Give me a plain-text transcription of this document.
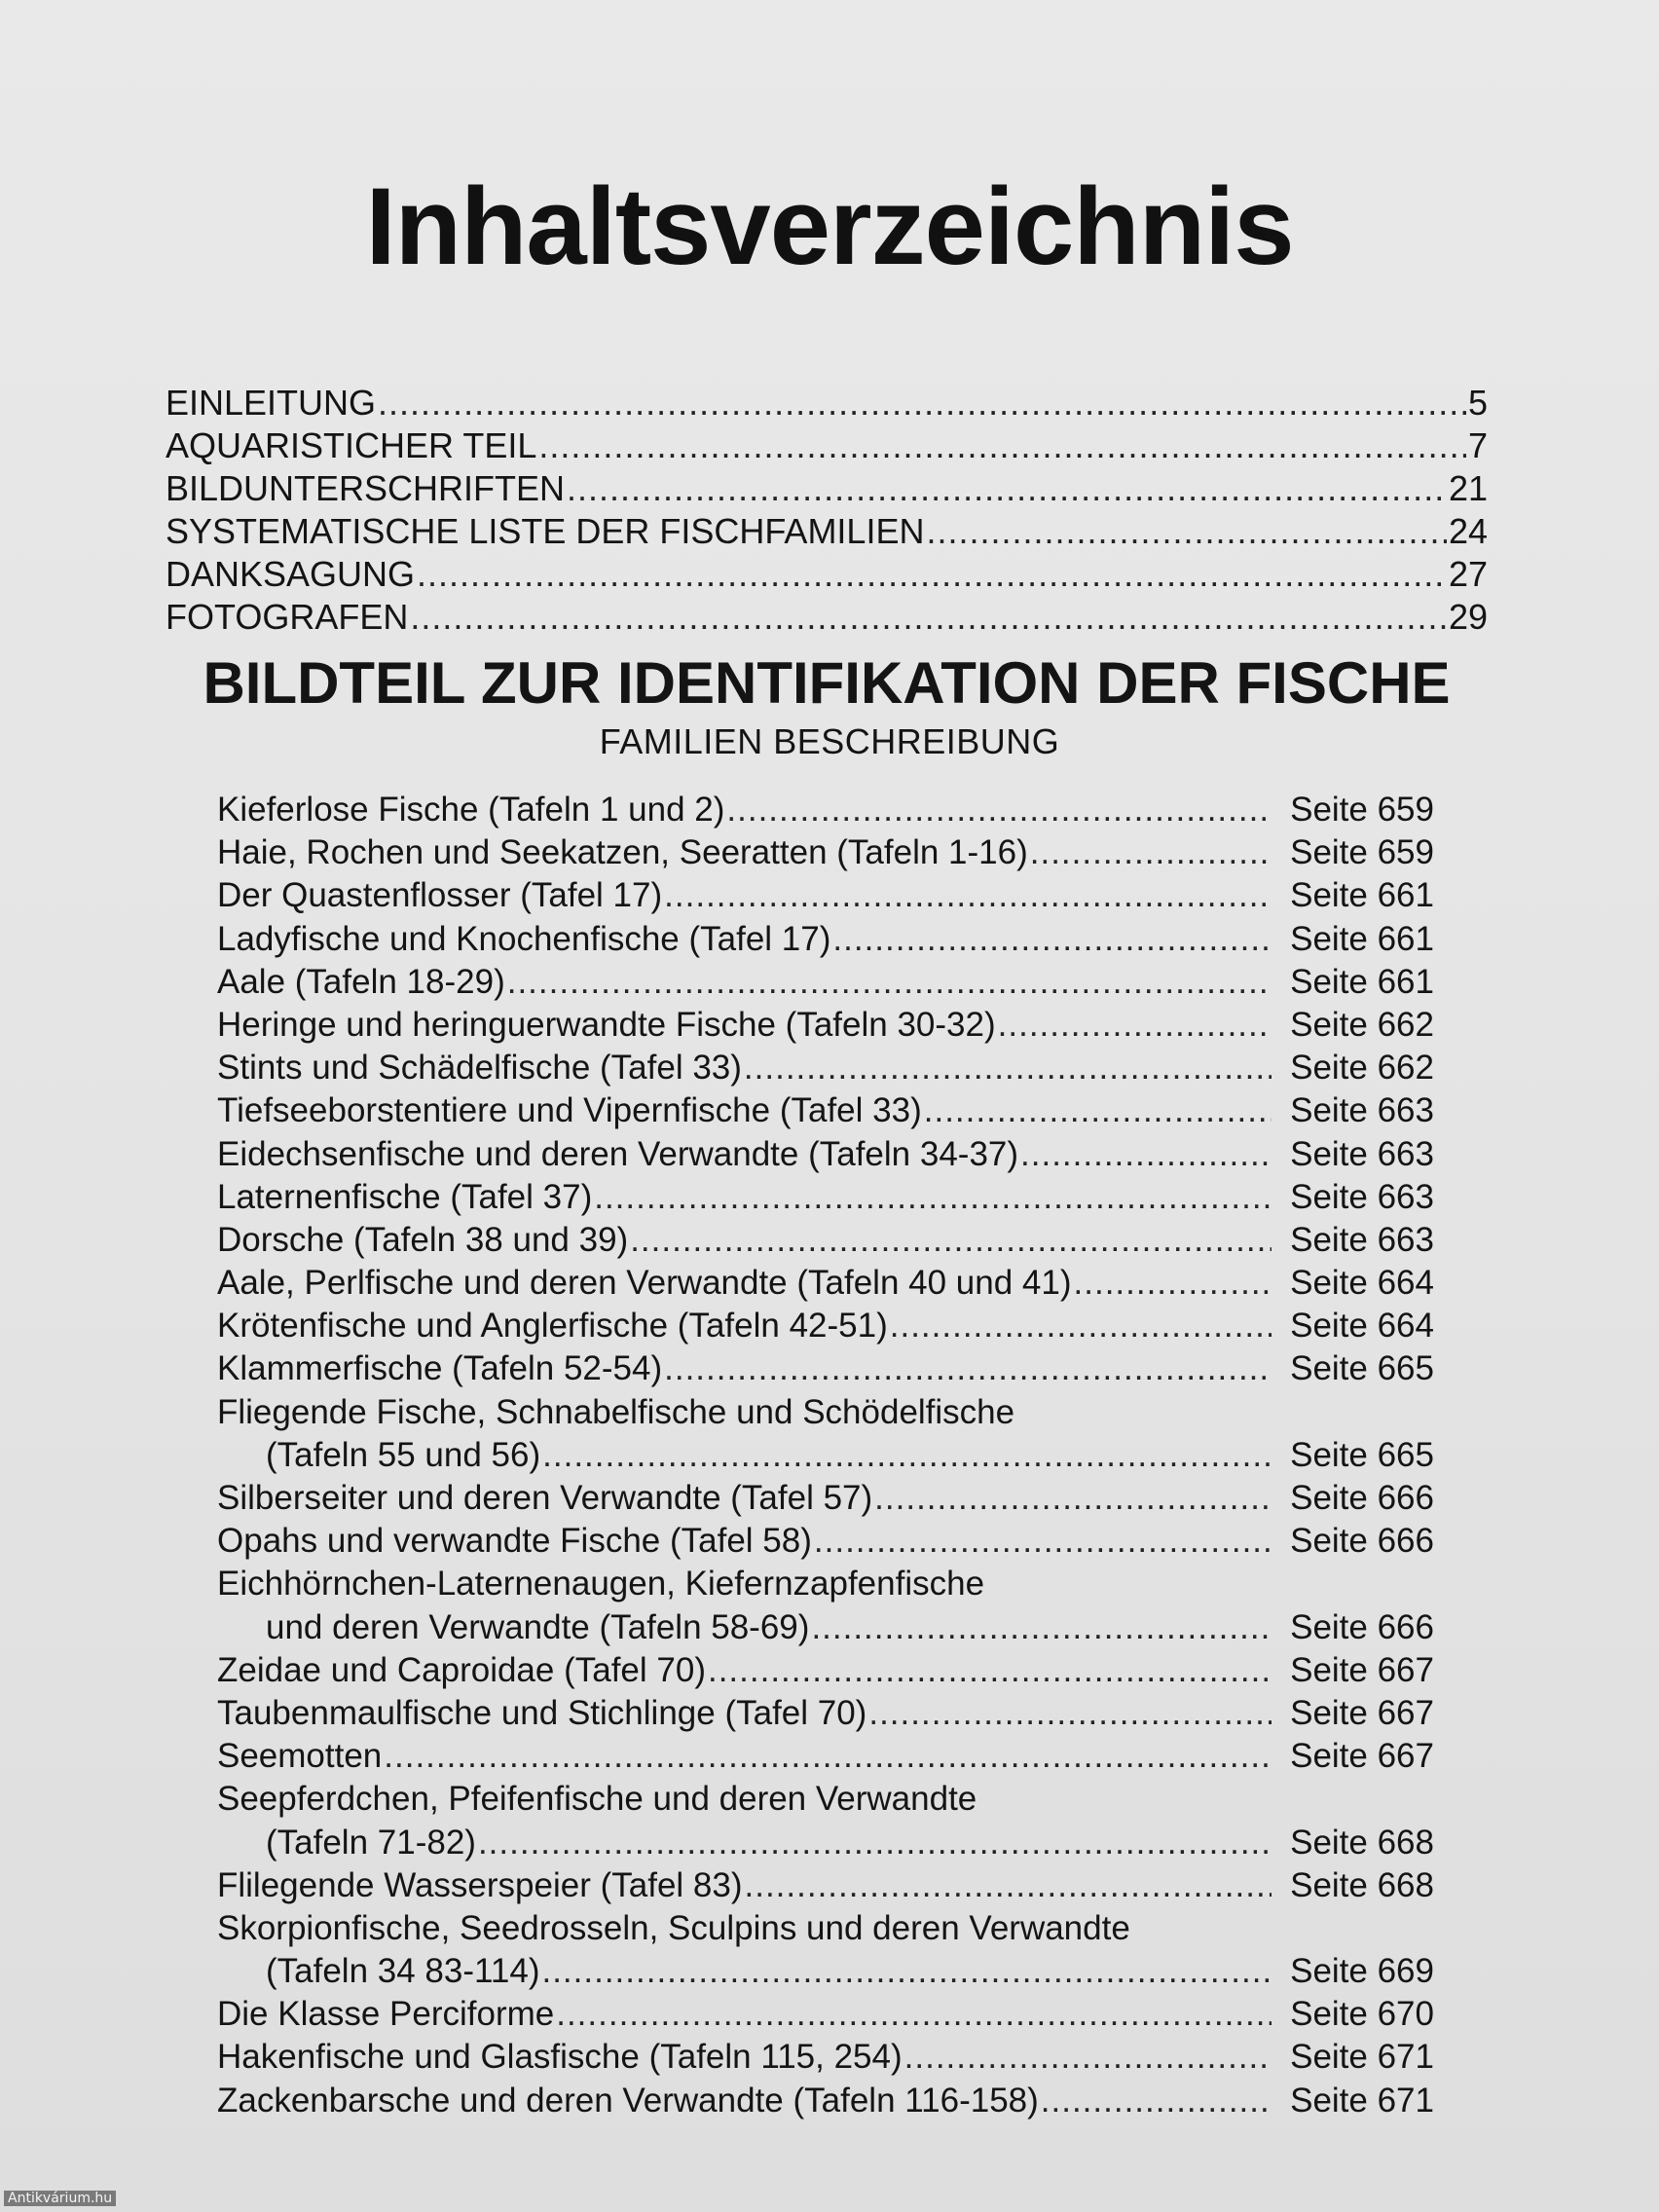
Inhaltsverzeichnis
EINLEITUNG .....	5
AQUARISTICHER TEIL .....	7
BILDUNTERSCHRIFTEN .....	21
SYSTEMATISCHE LISTE DER FISCHFAMILIEN .....	24
DANKSAGUNG .....	27
FOTOGRAFEN .....	29
BILDTEIL ZUR IDENTIFIKATION DER FISCHE
FAMILIEN BESCHREIBUNG
Kieferlose Fische (Tafeln 1 und 2) .....	Seite 659
Haie, Rochen und Seekatzen, Seeratten (Tafeln 1-16) .....	Seite 659
Der Quastenflosser (Tafel 17) .....	Seite 661
Ladyfische und Knochenfische (Tafel 17) .....	Seite 661
Aale (Tafeln 18-29) .....	Seite 661
Heringe und heringuerwandte Fische (Tafeln 30-32) .....	Seite 662
Stints und Schädelfische (Tafel 33) .....	Seite 662
Tiefseeborstentiere und Vipernfische (Tafel 33) .....	Seite 663
Eidechsenfische und deren Verwandte (Tafeln 34-37) .....	Seite 663
Laternenfische (Tafel 37) .....	Seite 663
Dorsche (Tafeln 38 und 39) .....	Seite 663
Aale, Perlfische und deren Verwandte (Tafeln 40 und 41) .....	Seite 664
Krötenfische und Anglerfische (Tafeln 42-51) .....	Seite 664
Klammerfische (Tafeln 52-54) .....	Seite 665
Fliegende Fische, Schnabelfische und Schödelfische
(Tafeln 55 und 56) .....	Seite 665
Silberseiter und deren Verwandte (Tafel 57) .....	Seite 666
Opahs und verwandte Fische (Tafel 58) .....	Seite 666
Eichhörnchen-Laternenaugen, Kiefernzapfenfische
und deren Verwandte (Tafeln 58-69) .....	Seite 666
Zeidae und Caproidae (Tafel 70) .....	Seite 667
Taubenmaulfische und Stichlinge (Tafel 70) .....	Seite 667
Seemotten .....	Seite 667
Seepferdchen, Pfeifenfische und deren Verwandte
(Tafeln 71-82) .....	Seite 668
Flilegende Wasserspeier (Tafel 83) .....	Seite 668
Skorpionfische, Seedrosseln, Sculpins und deren Verwandte
(Tafeln 34 83-114) .....	Seite 669
Die Klasse Perciforme .....	Seite 670
Hakenfische und Glasfische (Tafeln 115, 254) .....	Seite 671
Zackenbarsche und deren Verwandte (Tafeln 116-158) .....	Seite 671
Antikvárium.hu
